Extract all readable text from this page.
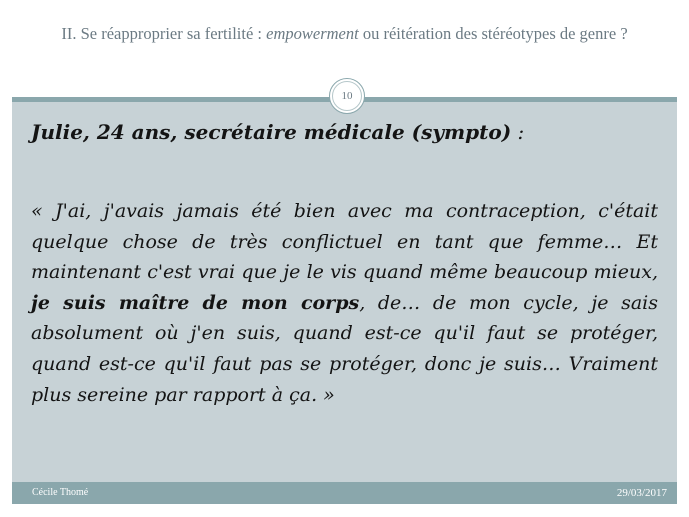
II. Se réapproprier sa fertilité : empowerment ou réitération des stéréotypes de genre ?
10
Julie, 24 ans, secrétaire médicale (sympto) :
« J'ai, j'avais jamais été bien avec ma contraception, c'était quelque chose de très conflictuel en tant que femme… Et maintenant c'est vrai que je le vis quand même beaucoup mieux, je suis maître de mon corps, de… de mon cycle, je sais absolument où j'en suis, quand est-ce qu'il faut se protéger, quand est-ce qu'il faut pas se protéger, donc je suis… Vraiment plus sereine par rapport à ça. »
Cécile Thomé	29/03/2017
